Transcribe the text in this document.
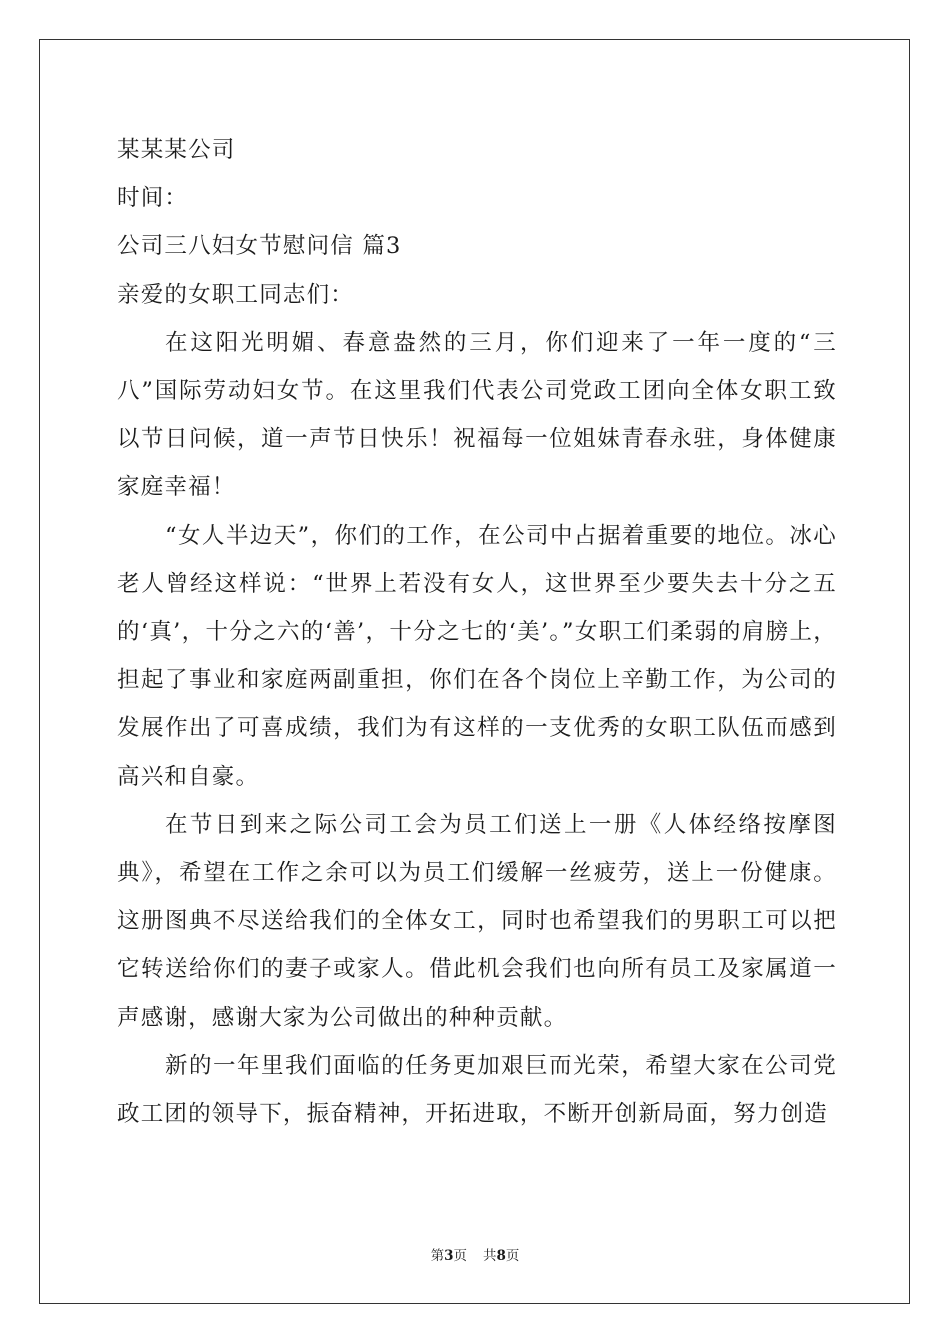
某某某公司
时间：
公司三八妇女节慰问信 篇3
亲爱的女职工同志们：

在这阳光明媚、春意盎然的三月，你们迎来了一年一度的“三八”国际劳动妇女节。在这里我们代表公司党政工团向全体女职工致以节日问候，道一声节日快乐！祝福每一位姐妹青春永驻，身体健康家庭幸福！

“女人半边天”，你们的工作，在公司中占据着重要的地位。冰心老人曾经这样说：“世界上若没有女人，这世界至少要失去十分之五的‘真’，十分之六的‘善’，十分之七的‘美’。”女职工们柔弱的肩膀上，担起了事业和家庭两副重担，你们在各个岗位上辛勤工作，为公司的发展作出了可喜成绩，我们为有这样的一支优秀的女职工队伍而感到高兴和自豪。

在节日到来之际公司工会为员工们送上一册《人体经络按摩图典》，希望在工作之余可以为员工们缓解一丝疲劳，送上一份健康。这册图典不尽送给我们的全体女工，同时也希望我们的男职工可以把它转送给你们的妻子或家人。借此机会我们也向所有员工及家属道一声感谢，感谢大家为公司做出的种种贡献。

新的一年里我们面临的任务更加艰巨而光荣，希望大家在公司党政工团的领导下，振奋精神，开拓进取，不断开创新局面，努力创造

第3页 共8页
